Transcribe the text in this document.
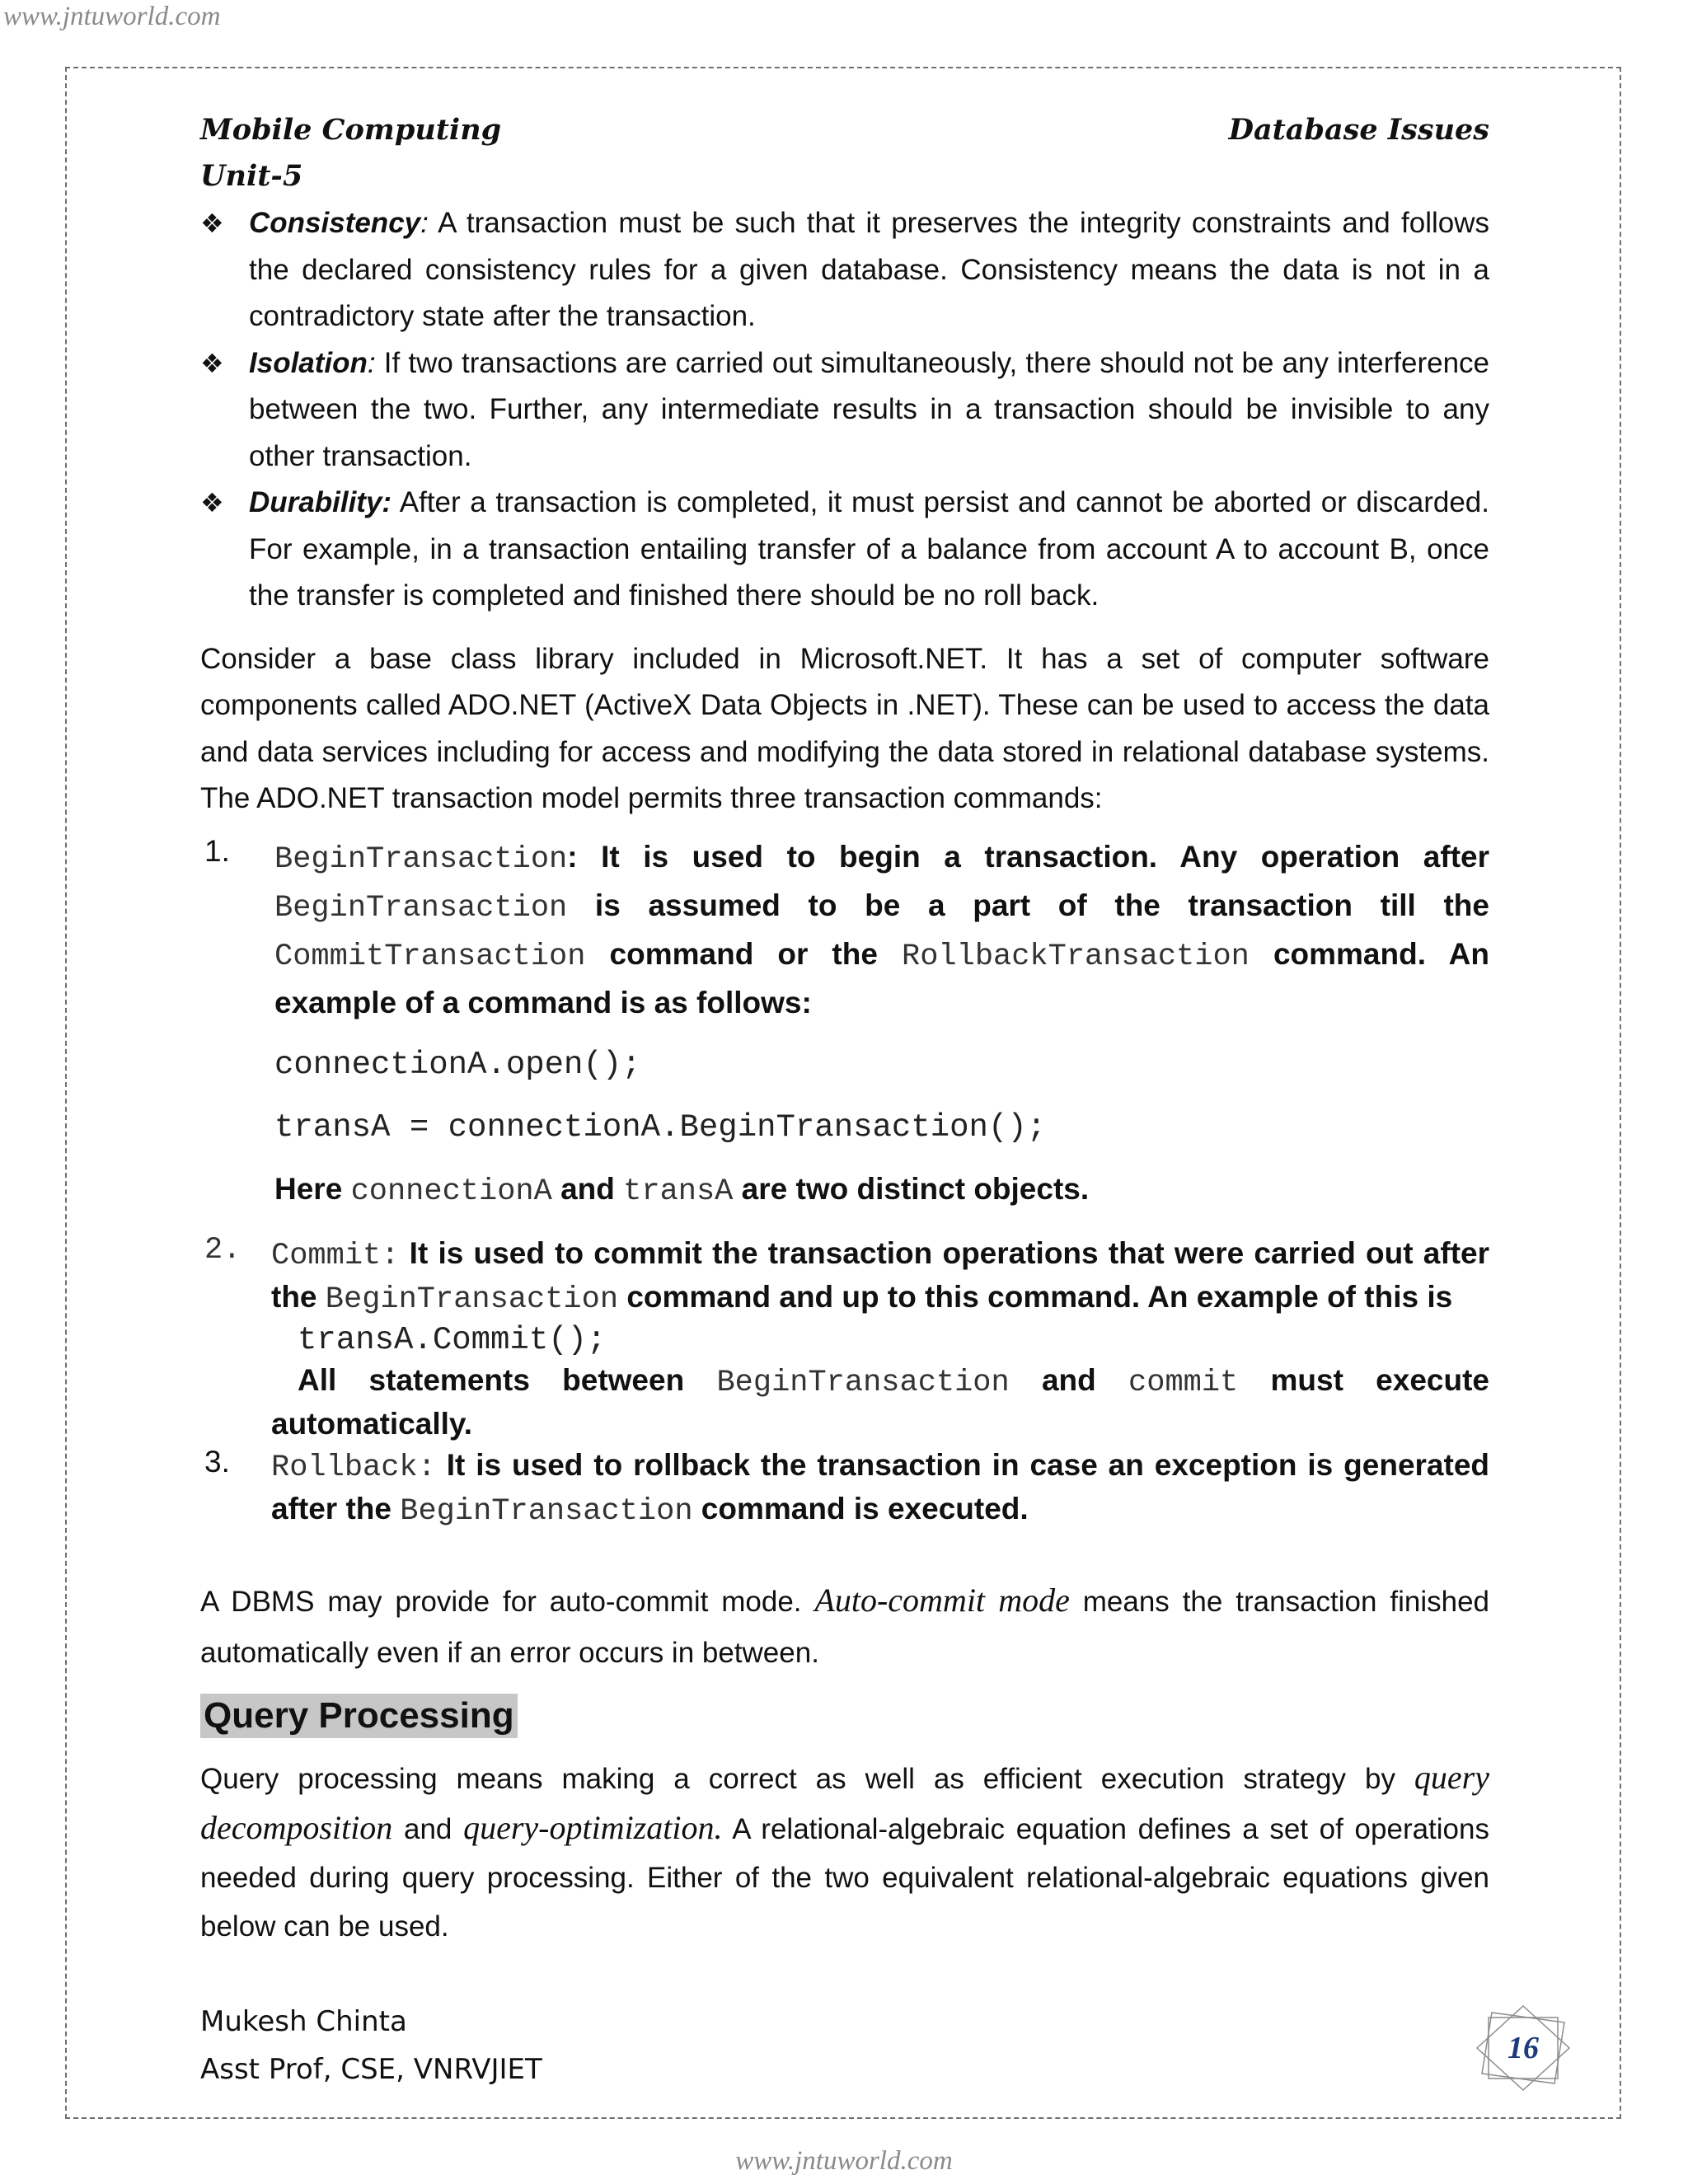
www.jntuworld.com
Mobile Computing
Unit-5
Database Issues
❖ Consistency: A transaction must be such that it preserves the integrity constraints and follows the declared consistency rules for a given database. Consistency means the data is not in a contradictory state after the transaction.
❖ Isolation: If two transactions are carried out simultaneously, there should not be any interference between the two. Further, any intermediate results in a transaction should be invisible to any other transaction.
❖ Durability: After a transaction is completed, it must persist and cannot be aborted or discarded. For example, in a transaction entailing transfer of a balance from account A to account B, once the transfer is completed and finished there should be no roll back.

Consider a base class library included in Microsoft.NET. It has a set of computer software components called ADO.NET (ActiveX Data Objects in .NET). These can be used to access the data and data services including for access and modifying the data stored in relational database systems. The ADO.NET transaction model permits three transaction commands:

1. BeginTransaction: It is used to begin a transaction. Any operation after BeginTransaction is assumed to be a part of the transaction till the CommitTransaction command or the RollbackTransaction command. An example of a command is as follows:
connectionA.open();
transA = connectionA.BeginTransaction();
Here connectionA and transA are two distinct objects.
2. Commit: It is used to commit the transaction operations that were carried out after the BeginTransaction command and up to this command. An example of this is
transA.Commit();
All statements between BeginTransaction and commit must execute automatically.
3. Rollback: It is used to rollback the transaction in case an exception is generated after the BeginTransaction command is executed.

A DBMS may provide for auto-commit mode. Auto-commit mode means the transaction finished automatically even if an error occurs in between.

Query Processing

Query processing means making a correct as well as efficient execution strategy by query decomposition and query-optimization. A relational-algebraic equation defines a set of operations needed during query processing. Either of the two equivalent relational-algebraic equations given below can be used.

Mukesh Chinta
Asst Prof, CSE, VNRVJIET
16
www.jntuworld.com
